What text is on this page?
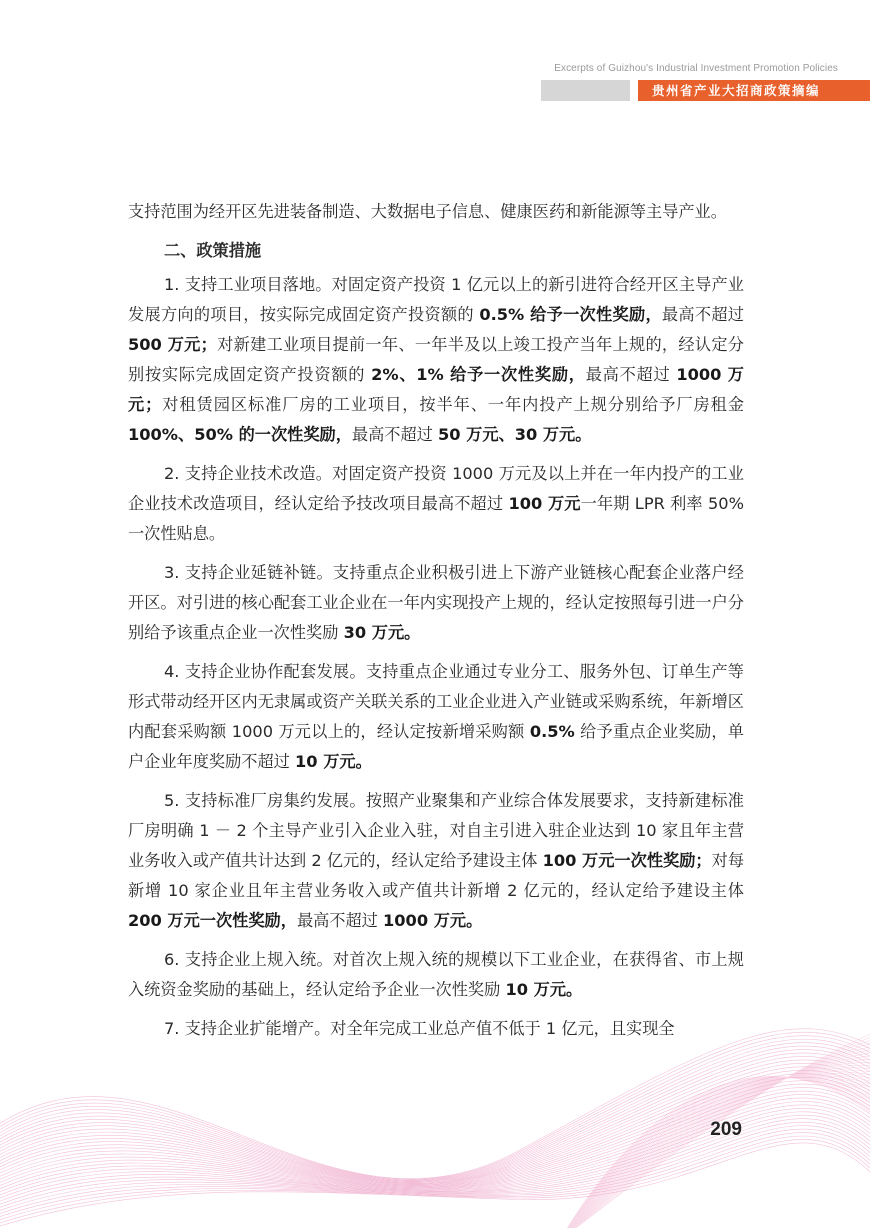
Excerpts of Guizhou's Industrial Investment Promotion Policies
贵州省产业大招商政策摘编

支持范围为经开区先进装备制造、大数据电子信息、健康医药和新能源等主导产业。

二、政策措施

1. 支持工业项目落地。对固定资产投资 1 亿元以上的新引进符合经开区主导产业发展方向的项目，按实际完成固定资产投资额的 0.5% 给予一次性奖励，最高不超过 500 万元；对新建工业项目提前一年、一年半及以上竣工投产当年上规的，经认定分别按实际完成固定资产投资额的 2%、1% 给予一次性奖励，最高不超过 1000 万元；对租赁园区标准厂房的工业项目，按半年、一年内投产上规分别给予厂房租金 100%、50% 的一次性奖励，最高不超过 50 万元、30 万元。

2. 支持企业技术改造。对固定资产投资 1000 万元及以上并在一年内投产的工业企业技术改造项目，经认定给予技改项目最高不超过 100 万元一年期 LPR 利率 50% 一次性贴息。

3. 支持企业延链补链。支持重点企业积极引进上下游产业链核心配套企业落户经开区。对引进的核心配套工业企业在一年内实现投产上规的，经认定按照每引进一户分别给予该重点企业一次性奖励 30 万元。

4. 支持企业协作配套发展。支持重点企业通过专业分工、服务外包、订单生产等形式带动经开区内无隶属或资产关联关系的工业企业进入产业链或采购系统，年新增区内配套采购额 1000 万元以上的，经认定按新增采购额 0.5% 给予重点企业奖励，单户企业年度奖励不超过 10 万元。

5. 支持标准厂房集约发展。按照产业聚集和产业综合体发展要求，支持新建标准厂房明确 1 － 2 个主导产业引入企业入驻，对自主引进入驻企业达到 10 家且年主营业务收入或产值共计达到 2 亿元的，经认定给予建设主体 100 万元一次性奖励；对每新增 10 家企业且年主营业务收入或产值共计新增 2 亿元的，经认定给予建设主体 200 万元一次性奖励，最高不超过 1000 万元。

6. 支持企业上规入统。对首次上规入统的规模以下工业企业，在获得省、市上规入统资金奖励的基础上，经认定给予企业一次性奖励 10 万元。

7. 支持企业扩能增产。对全年完成工业总产值不低于 1 亿元，且实现全

209
